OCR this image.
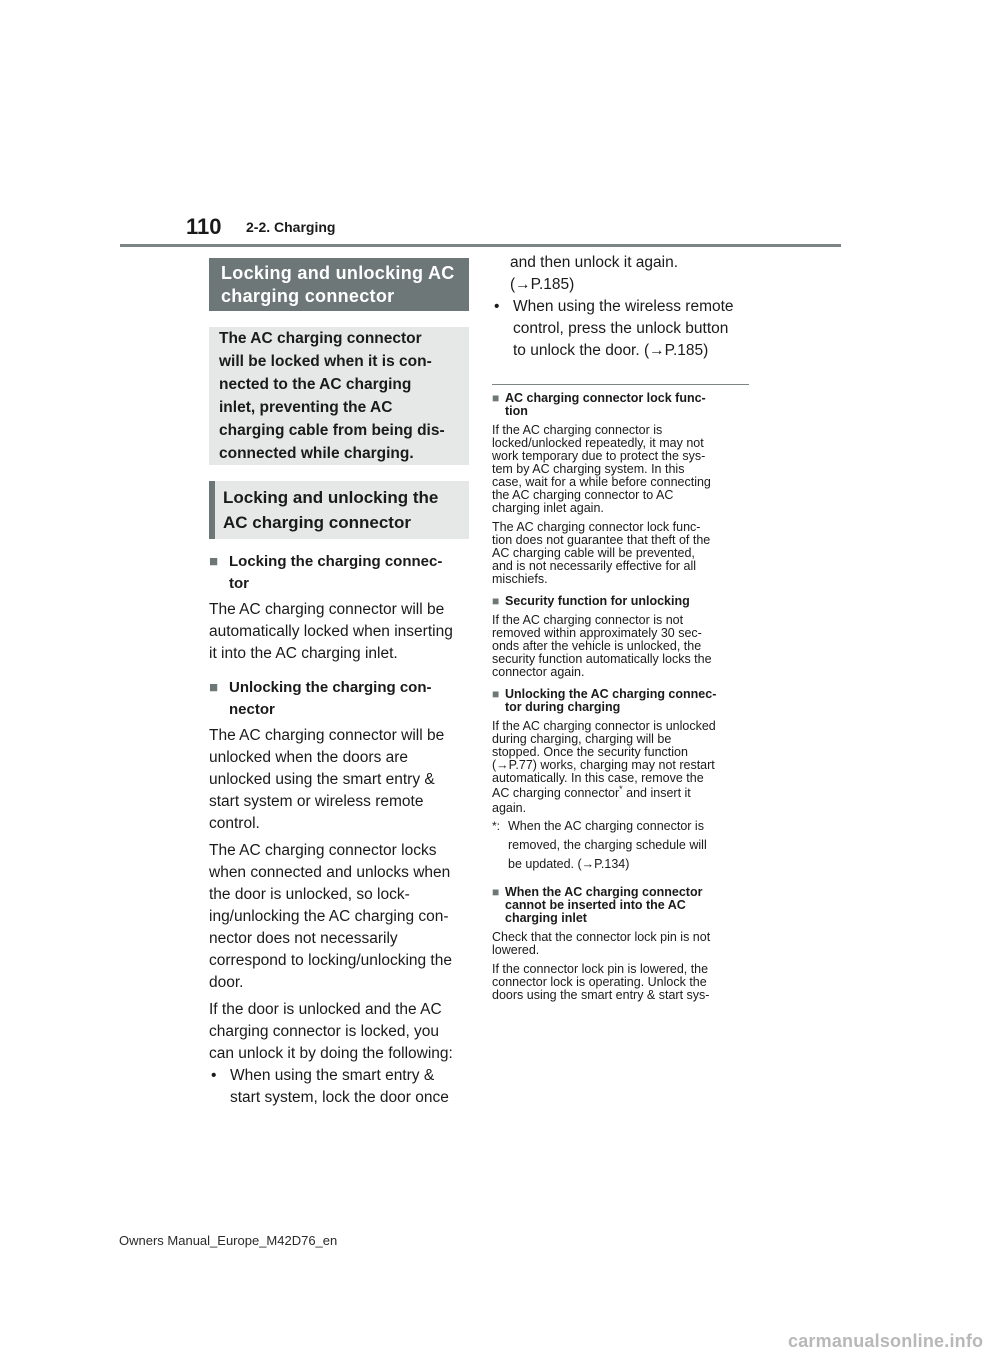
110 2-2. Charging
Locking and unlocking AC charging connector

The AC charging connector

will be locked when it is con-

nected to the AC charging

inlet, preventing the AC

charging cable from being dis-

connected while charging.

Locking and unlocking the
AC charging connector
■ Locking the charging connec-
tor
The AC charging connector will be
automatically locked when inserting
it into the AC charging inlet.
■ Unlocking the charging con-
nector
The AC charging connector will be
unlocked when the doors are
unlocked using the smart entry &
start system or wireless remote
control.
The AC charging connector locks
when connected and unlocks when
the door is unlocked, so lock-
ing/unlocking the AC charging con-
nector does not necessarily
correspond to locking/unlocking the
door.
If the door is unlocked and the AC
charging connector is locked, you
can unlock it by doing the following:
• When using the smart entry &
start system, lock the door once
and then unlock it again.
(→P.185)
• When using the wireless remote
control, press the unlock button
to unlock the door. (→P.185)
■ AC charging connector lock func-
tion
If the AC charging connector is
locked/unlocked repeatedly, it may not
work temporary due to protect the sys-
tem by AC charging system. In this
case, wait for a while before connecting
the AC charging connector to AC
charging inlet again.
The AC charging connector lock func-
tion does not guarantee that theft of the
AC charging cable will be prevented,
and is not necessarily effective for all
mischiefs.
■ Security function for unlocking
If the AC charging connector is not
removed within approximately 30 sec-
onds after the vehicle is unlocked, the
security function automatically locks the
connector again.
■ Unlocking the AC charging connec-
tor during charging
If the AC charging connector is unlocked
during charging, charging will be
stopped. Once the security function
(→P.77) works, charging may not restart
automatically. In this case, remove the
AC charging connector* and insert it
again.
*: When the AC charging connector is
removed, the charging schedule will
be updated. (→P.134)
■ When the AC charging connector
cannot be inserted into the AC
charging inlet
Check that the connector lock pin is not
lowered.
If the connector lock pin is lowered, the
connector lock is operating. Unlock the
doors using the smart entry & start sys-
Owners Manual_Europe_M42D76_en
carmanualsonline.info
